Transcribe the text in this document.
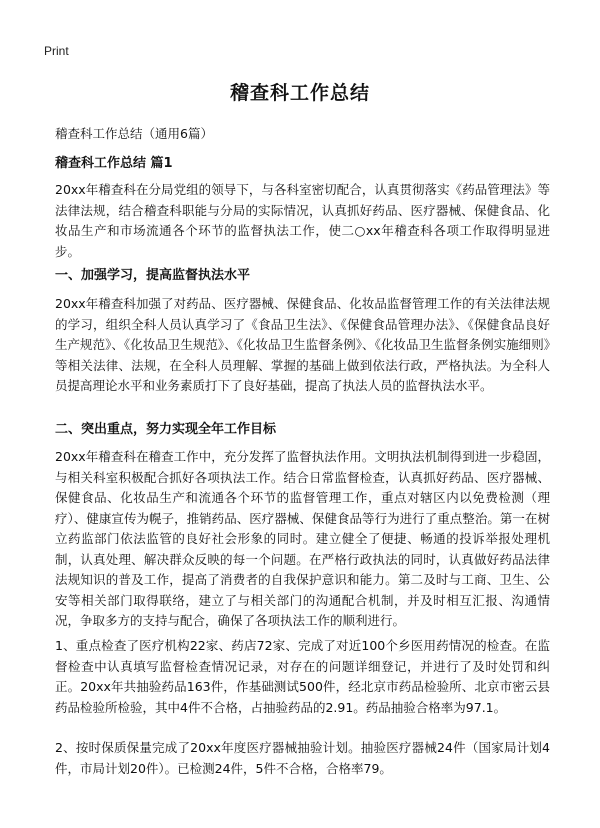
Print
稽查科工作总结
稽查科工作总结（通用6篇）
稽查科工作总结 篇1
20xx年稽查科在分局党组的领导下，与各科室密切配合，认真贯彻落实《药品管理法》等法律法规，结合稽查科职能与分局的实际情况，认真抓好药品、医疗器械、保健食品、化妆品生产和市场流通各个环节的监督执法工作，使二○xx年稽查科各项工作取得明显进步。
一、加强学习，提高监督执法水平
20xx年稽查科加强了对药品、医疗器械、保健食品、化妆品监督管理工作的有关法律法规的学习，组织全科人员认真学习了《食品卫生法》、《保健食品管理办法》、《保健食品良好生产规范》、《化妆品卫生规范》、《化妆品卫生监督条例》、《化妆品卫生监督条例实施细则》等相关法律、法规，在全科人员理解、掌握的基础上做到依法行政，严格执法。为全科人员提高理论水平和业务素质打下了良好基础，提高了执法人员的监督执法水平。
二、突出重点，努力实现全年工作目标
20xx年稽查科在稽查工作中，充分发挥了监督执法作用。文明执法机制得到进一步稳固，与相关科室积极配合抓好各项执法工作。结合日常监督检查，认真抓好药品、医疗器械、保健食品、化妆品生产和流通各个环节的监督管理工作，重点对辖区内以免费检测（理疗）、健康宣传为幌子，推销药品、医疗器械、保健食品等行为进行了重点整治。第一在树立药监部门依法监管的良好社会形象的同时。建立健全了便捷、畅通的投诉举报处理机制，认真处理、解决群众反映的每一个问题。在严格行政执法的同时，认真做好药品法律法规知识的普及工作，提高了消费者的自我保护意识和能力。第二及时与工商、卫生、公安等相关部门取得联络，建立了与相关部门的沟通配合机制，并及时相互汇报、沟通情况，争取多方的支持与配合，确保了各项执法工作的顺利进行。
1、重点检查了医疗机构22家、药店72家、完成了对近100个乡医用药情况的检查。在监督检查中认真填写监督检查情况记录，对存在的问题详细登记，并进行了及时处罚和纠正。20xx年共抽验药品163件，作基础测试500件，经北京市药品检验所、北京市密云县药品检验所检验，其中4件不合格，占抽验药品的2.91。药品抽验合格率为97.1。
2、按时保质保量完成了20xx年度医疗器械抽验计划。抽验医疗器械24件（国家局计划4件，市局计划20件）。已检测24件，5件不合格，合格率79。
